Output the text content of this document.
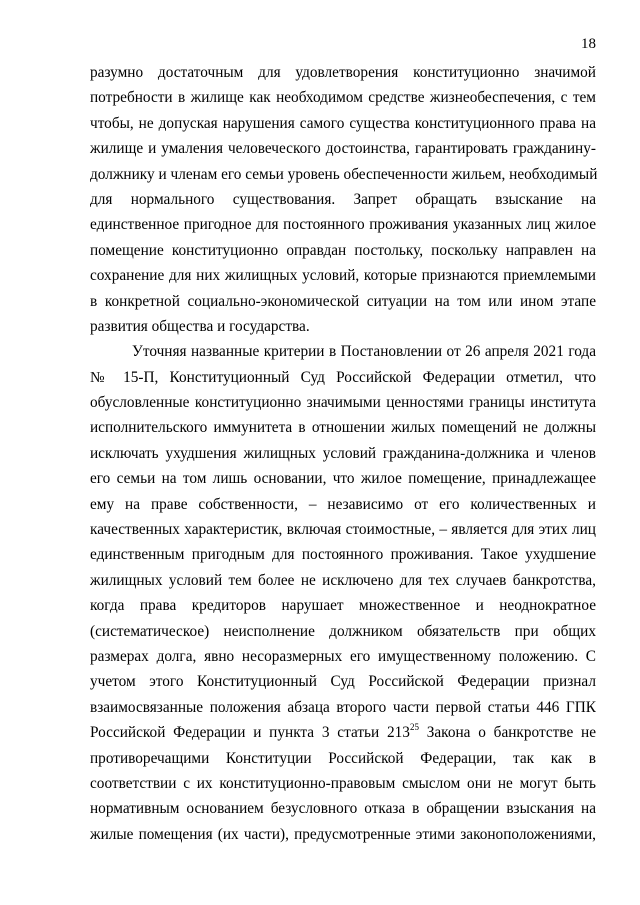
18
разумно достаточным для удовлетворения конституционно значимой
потребности в жилище как необходимом средстве жизнеобеспечения, с тем
чтобы, не допуская нарушения самого существа конституционного права на
жилище и умаления человеческого достоинства, гарантировать гражданину-
должнику и членам его семьи уровень обеспеченности жильем, необходимый
для нормального существования. Запрет обращать взыскание на
единственное пригодное для постоянного проживания указанных лиц жилое
помещение конституционно оправдан постольку, поскольку направлен на
сохранение для них жилищных условий, которые признаются приемлемыми
в конкретной социально-экономической ситуации на том или ином этапе
развития общества и государства.
Уточняя названные критерии в Постановлении от 26 апреля 2021 года
№ 15-П, Конституционный Суд Российской Федерации отметил, что
обусловленные конституционно значимыми ценностями границы института
исполнительского иммунитета в отношении жилых помещений не должны
исключать ухудшения жилищных условий гражданина-должника и членов
его семьи на том лишь основании, что жилое помещение, принадлежащее
ему на праве собственности, – независимо от его количественных и
качественных характеристик, включая стоимостные, – является для этих лиц
единственным пригодным для постоянного проживания. Такое ухудшение
жилищных условий тем более не исключено для тех случаев банкротства,
когда права кредиторов нарушает множественное и неоднократное
(систематическое) неисполнение должником обязательств при общих
размерах долга, явно несоразмерных его имущественному положению. С
учетом этого Конституционный Суд Российской Федерации признал
взаимосвязанные положения абзаца второго части первой статьи 446 ГПК
Российской Федерации и пункта 3 статьи $213^{25}$ Закона о банкротстве не
противоречащими Конституции Российской Федерации, так как в
соответствии с их конституционно-правовым смыслом они не могут быть
нормативным основанием безусловного отказа в обращении взыскания на
жилые помещения (их части), предусмотренные этими законоположениями,
